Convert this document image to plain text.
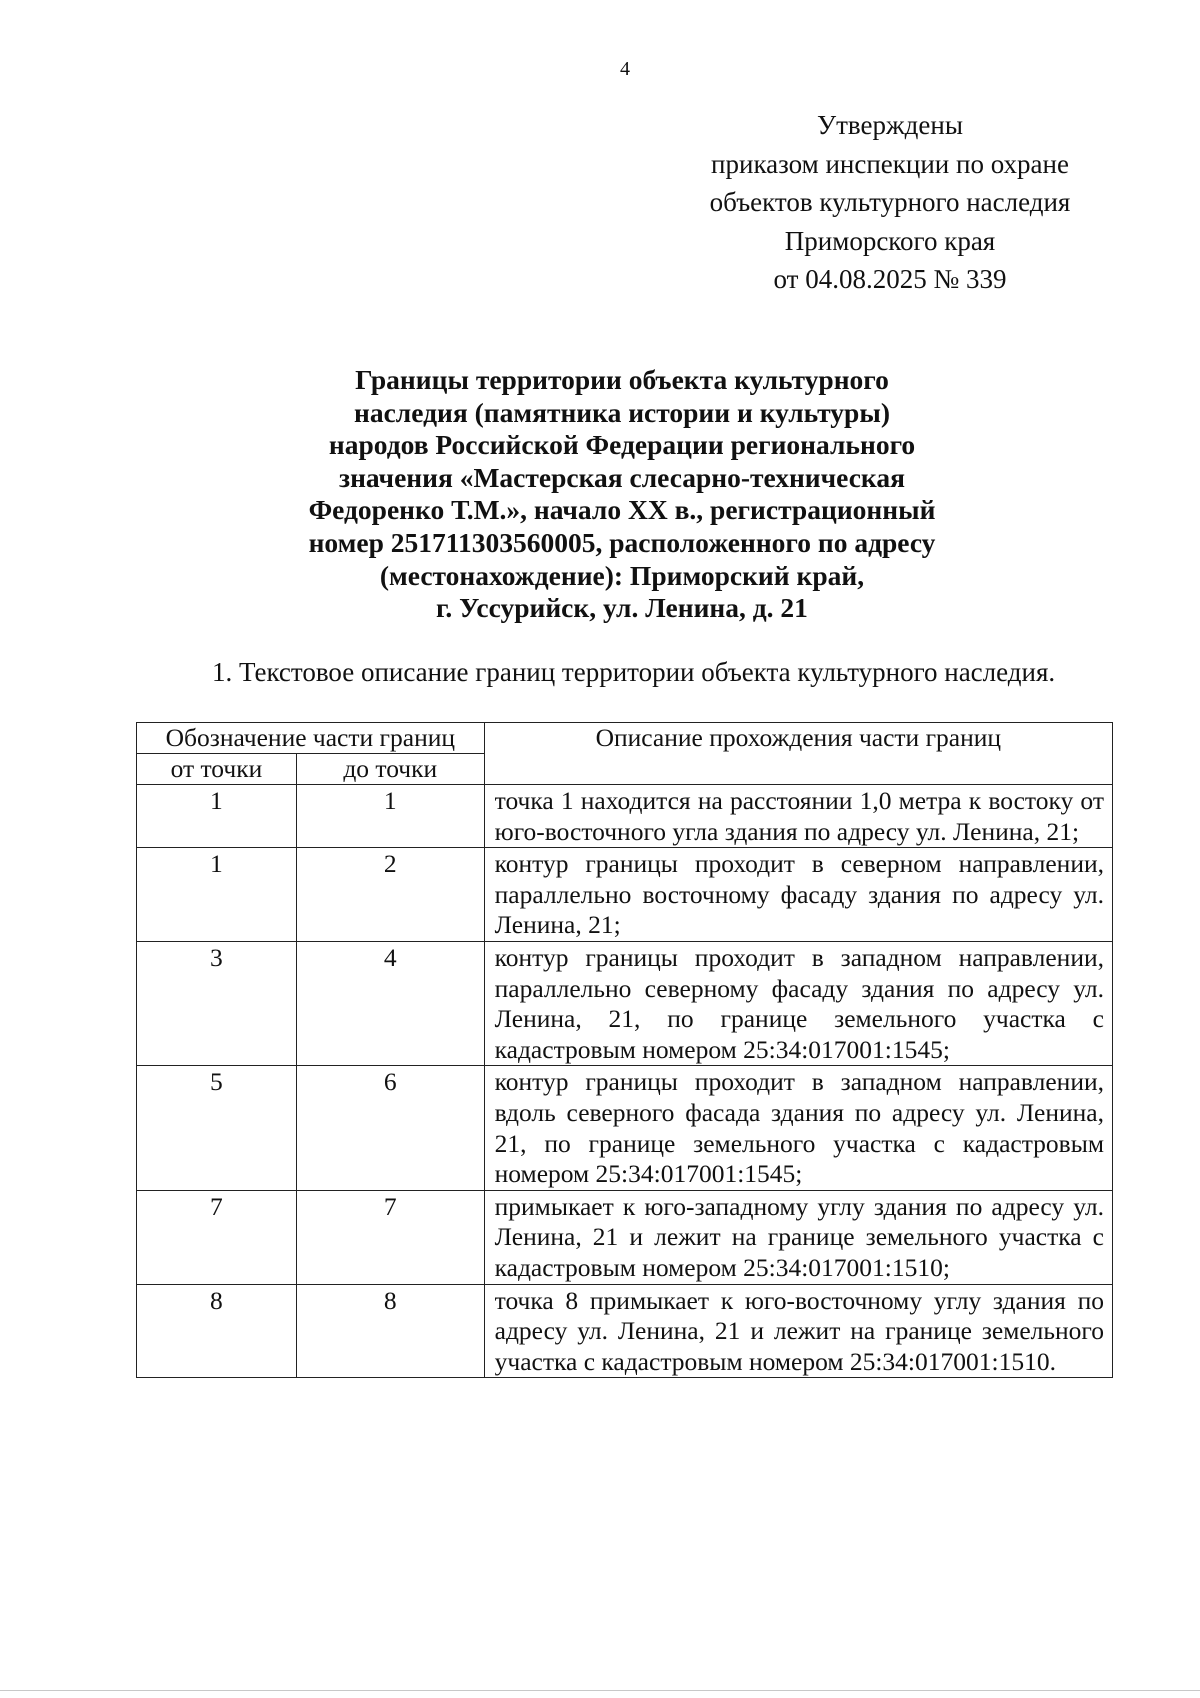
4
Утверждены
приказом инспекции по охране
объектов культурного наследия
Приморского края
от 04.08.2025 № 339
Границы территории объекта культурного
наследия (памятника истории и культуры)
народов Российской Федерации регионального
значения «Мастерская слесарно-техническая
Федоренко Т.М.», начало XX в., регистрационный
номер 251711303560005, расположенного по адресу
(местонахождение): Приморский край,
г. Уссурийск, ул. Ленина, д. 21
1. Текстовое описание границ территории объекта культурного наследия.
Обозначение части границ		Описание прохождения части границ
от точки	до точки	
1	1	точка 1 находится на расстоянии 1,0 метра к востоку от юго-восточного угла здания по адресу ул. Ленина, 21;
1	2	контур границы проходит в северном направлении, параллельно восточному фасаду здания по адресу ул. Ленина, 21;
3	4	контур границы проходит в западном направлении, параллельно северному фасаду здания по адресу ул. Ленина, 21, по границе земельного участка с кадастровым номером 25:34:017001:1545;
5	6	контур границы проходит в западном направлении, вдоль северного фасада здания по адресу ул. Ленина, 21, по границе земельного участка с кадастровым номером 25:34:017001:1545;
7	7	примыкает к юго-западному углу здания по адресу ул. Ленина, 21 и лежит на границе земельного участка с кадастровым номером 25:34:017001:1510;
8	8	точка 8 примыкает к юго-восточному углу здания по адресу ул. Ленина, 21 и лежит на границе земельного участка с кадастровым номером 25:34:017001:1510.
